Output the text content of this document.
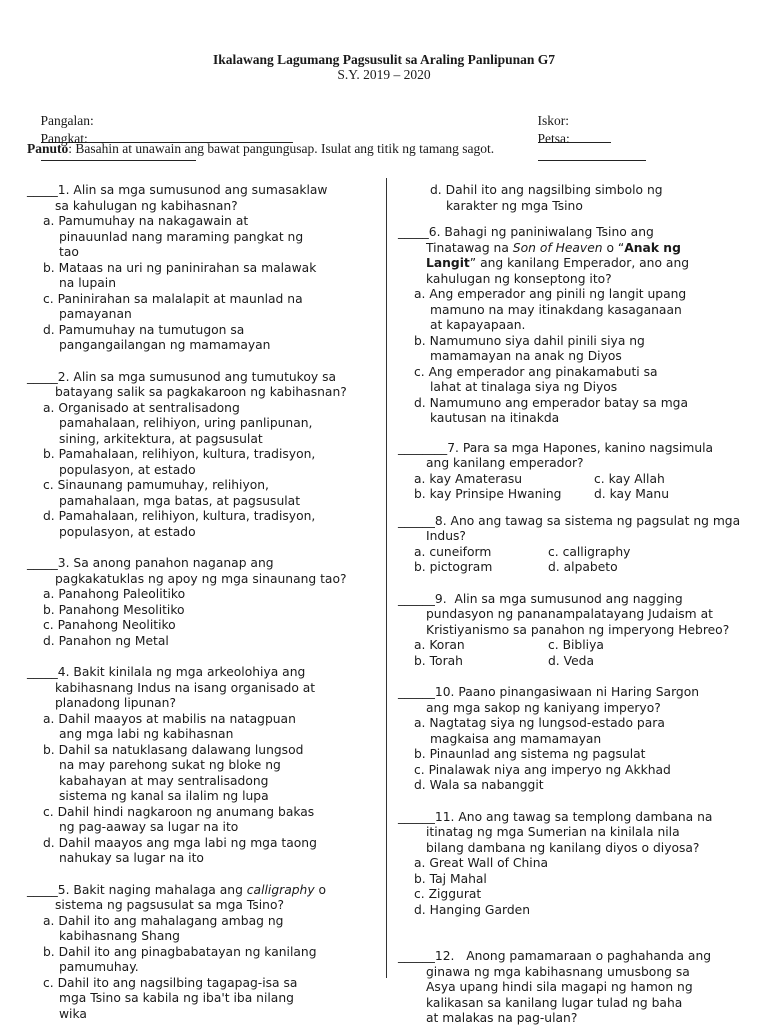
Ikalawang Lagumang Pagsusulit sa Araling Panlipunan G7
S.Y. 2019 – 2020

Pangalan:

Pangkat:

Iskor:

Petsa:

Panuto: Basahin at unawain ang bawat pangungusap. Isulat ang titik ng tamang sagot.
_____1. Alin sa mga sumusunod ang sumasaklaw
sa kahulugan ng kabihasnan?
a. Pamumuhay na nakagawain at
pinauunlad nang maraming pangkat ng
tao
b. Mataas na uri ng paninirahan sa malawak
na lupain
c. Paninirahan sa malalapit at maunlad na
pamayanan
d. Pamumuhay na tumutugon sa
pangangailangan ng mamamayan
_____2. Alin sa mga sumusunod ang tumutukoy sa
batayang salik sa pagkakaroon ng kabihasnan?
a. Organisado at sentralisadong
pamahalaan, relihiyon, uring panlipunan,
sining, arkitektura, at pagsusulat
b. Pamahalaan, relihiyon, kultura, tradisyon,
populasyon, at estado
c. Sinaunang pamumuhay, relihiyon,
pamahalaan, mga batas, at pagsusulat
d. Pamahalaan, relihiyon, kultura, tradisyon,
populasyon, at estado
_____3. Sa anong panahon naganap ang
pagkakatuklas ng apoy ng mga sinaunang tao?
a. Panahong Paleolitiko
b. Panahong Mesolitiko
c. Panahong Neolitiko
d. Panahon ng Metal
_____4. Bakit kinilala ng mga arkeolohiya ang
kabihasnang Indus na isang organisado at
planadong lipunan?
a. Dahil maayos at mabilis na natagpuan
ang mga labi ng kabihasnan
b. Dahil sa natuklasang dalawang lungsod
na may parehong sukat ng bloke ng
kabahayan at may sentralisadong
sistema ng kanal sa ilalim ng lupa
c. Dahil hindi nagkaroon ng anumang bakas
ng pag-aaway sa lugar na ito
d. Dahil maayos ang mga labi ng mga taong
nahukay sa lugar na ito
_____5. Bakit naging mahalaga ang calligraphy o
sistema ng pagsusulat sa mga Tsino?
a. Dahil ito ang mahalagang ambag ng
kabihasnang Shang
b. Dahil ito ang pinagbabatayan ng kanilang
pamumuhay.
c. Dahil ito ang nagsilbing tagapag-isa sa
mga Tsino sa kabila ng iba't iba nilang
wika
d. Dahil ito ang nagsilbing simbolo ng
karakter ng mga Tsino
_____6. Bahagi ng paniniwalang Tsino ang
Tinatawag na Son of Heaven o “Anak ng
Langit” ang kanilang Emperador, ano ang
kahulugan ng konseptong ito?
a. Ang emperador ang pinili ng langit upang
mamuno na may itinakdang kasaganaan
at kapayapaan.
b. Namumuno siya dahil pinili siya ng
mamamayan na anak ng Diyos
c. Ang emperador ang pinakamabuti sa
lahat at tinalaga siya ng Diyos
d. Namumuno ang emperador batay sa mga
kautusan na itinakda
________7. Para sa mga Hapones, kanino nagsimula
ang kanilang emperador?
a. kay Amaterasu	c. kay Allah
b. kay Prinsipe Hwaning	d. kay Manu
______8. Ano ang tawag sa sistema ng pagsulat ng mga
Indus?
a. cuneiform	c. calligraphy
b. pictogram	d. alpabeto
______9.  Alin sa mga sumusunod ang nagging
pundasyon ng pananampalatayang Judaism at
Kristiyanismo sa panahon ng imperyong Hebreo?
a. Koran	c. Bibliya
b. Torah	d. Veda
______10. Paano pinangasiwaan ni Haring Sargon
ang mga sakop ng kaniyang imperyo?
a. Nagtatag siya ng lungsod-estado para
magkaisa ang mamamayan
b. Pinaunlad ang sistema ng pagsulat
c. Pinalawak niya ang imperyo ng Akkhad
d. Wala sa nabanggit
______11. Ano ang tawag sa templong dambana na
itinatag ng mga Sumerian na kinilala nila
bilang dambana ng kanilang diyos o diyosa?
a. Great Wall of China
b. Taj Mahal
c. Ziggurat
d. Hanging Garden
______12.   Anong pamamaraan o paghahanda ang
ginawa ng mga kabihasnang umusbong sa
Asya upang hindi sila magapi ng hamon ng
kalikasan sa kanilang lugar tulad ng baha
at malakas na pag-ulan?
